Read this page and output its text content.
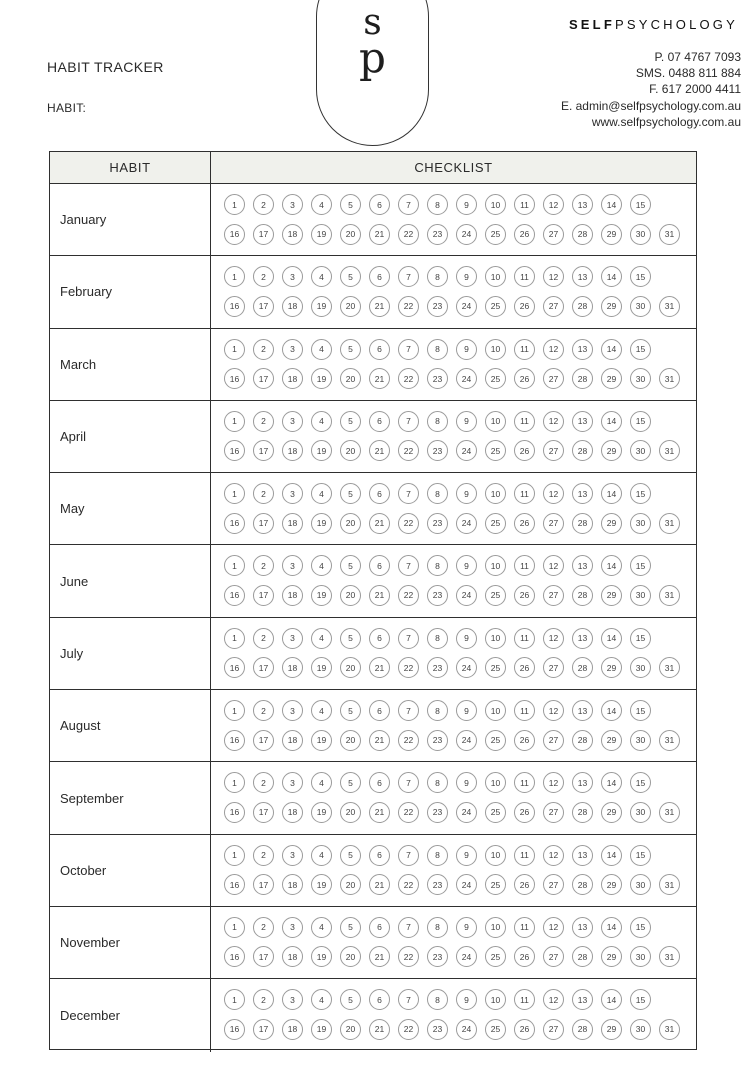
HABIT TRACKER
HABIT:
s
p
SELFPSYCHOLOGY
P. 07 4767 7093
SMS. 0488 811 884
F. 617 2000 4411
E. admin@selfpsychology.com.au
www.selfpsychology.com.au
HABIT	CHECKLIST
January
1	2	3	4	5	6	7	8	9	10	11	12	13	14	15
16	17	18	19	20	21	22	23	24	25	26	27	28	29	30	31
February
1	2	3	4	5	6	7	8	9	10	11	12	13	14	15
16	17	18	19	20	21	22	23	24	25	26	27	28	29	30	31
March
1	2	3	4	5	6	7	8	9	10	11	12	13	14	15
16	17	18	19	20	21	22	23	24	25	26	27	28	29	30	31
April
1	2	3	4	5	6	7	8	9	10	11	12	13	14	15
16	17	18	19	20	21	22	23	24	25	26	27	28	29	30	31
May
1	2	3	4	5	6	7	8	9	10	11	12	13	14	15
16	17	18	19	20	21	22	23	24	25	26	27	28	29	30	31
June
1	2	3	4	5	6	7	8	9	10	11	12	13	14	15
16	17	18	19	20	21	22	23	24	25	26	27	28	29	30	31
July
1	2	3	4	5	6	7	8	9	10	11	12	13	14	15
16	17	18	19	20	21	22	23	24	25	26	27	28	29	30	31
August
1	2	3	4	5	6	7	8	9	10	11	12	13	14	15
16	17	18	19	20	21	22	23	24	25	26	27	28	29	30	31
September
1	2	3	4	5	6	7	8	9	10	11	12	13	14	15
16	17	18	19	20	21	22	23	24	25	26	27	28	29	30	31
October
1	2	3	4	5	6	7	8	9	10	11	12	13	14	15
16	17	18	19	20	21	22	23	24	25	26	27	28	29	30	31
November
1	2	3	4	5	6	7	8	9	10	11	12	13	14	15
16	17	18	19	20	21	22	23	24	25	26	27	28	29	30	31
December
1	2	3	4	5	6	7	8	9	10	11	12	13	14	15
16	17	18	19	20	21	22	23	24	25	26	27	28	29	30	31
